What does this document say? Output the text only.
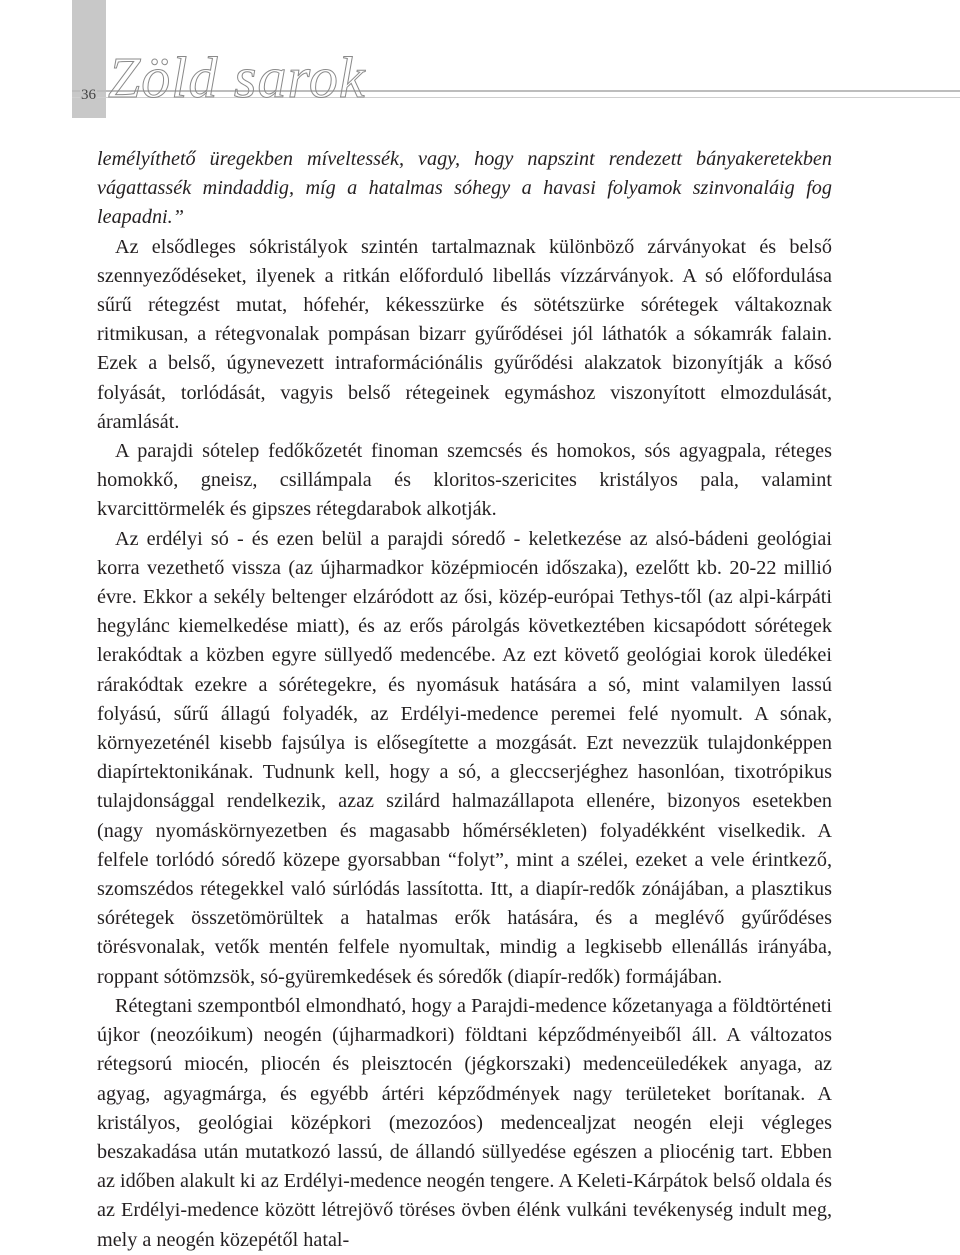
36 Zöld sarok

lemélyíthető üregekben míveltessék, vagy, hogy napszint rendezett bányakeretekben vágattassék mindaddig, míg a hatalmas sóhegy a havasi folyamok szinvonaláig fog leapadni.”

Az elsődleges sókristályok szintén tartalmaznak különböző zárványokat és belső szennyeződéseket, ilyenek a ritkán előforduló libellás vízzárványok. A só előfordulása sűrű rétegzést mutat, hófehér, kékesszürke és sötétszürke sórétegek váltakoznak ritmikusan, a rétegvonalak pompásan bizarr gyűrődései jól láthatók a sókamrák falain. Ezek a belső, úgynevezett intraformációnális gyűrődési alakzatok bizonyítják a kősó folyását, torlódását, vagyis belső rétegeinek egymáshoz viszonyított elmozdulását, áramlását.

A parajdi sótelep fedőkőzetét finoman szemcsés és homokos, sós agyagpala, réteges homokkő, gneisz, csillámpala és kloritos-szericites kristályos pala, valamint kvarcittörmelék és gipszes rétegdarabok alkotják.

Az erdélyi só - és ezen belül a parajdi sóredő - keletkezése az alsó-bádeni geológiai korra vezethető vissza (az újharmadkor középmiocén időszaka), ezelőtt kb. 20-22 millió évre. Ekkor a sekély beltenger elzáródott az ősi, közép-európai Tethys-től (az alpi-kárpáti hegylánc kiemelkedése miatt), és az erős párolgás következtében kicsapódott sórétegek lerakódtak a közben egyre süllyedő medencébe. Az ezt követő geológiai korok üledékei rárakódtak ezekre a sórétegekre, és nyomásuk hatására a só, mint valamilyen lassú folyású, sűrű állagú folyadék, az Erdélyi-medence peremei felé nyomult. A sónak, környezeténél kisebb fajsúlya is elősegítette a mozgását. Ezt nevezzük tulajdonképpen diapírtektonikának. Tudnunk kell, hogy a só, a gleccserjéghez hasonlóan, tixotrópikus tulajdonsággal rendelkezik, azaz szilárd halmazállapota ellenére, bizonyos esetekben (nagy nyomáskörnyezetben és magasabb hőmérsékleten) folyadékként viselkedik. A felfele torlódó sóredő közepe gyorsabban “folyt”, mint a szélei, ezeket a vele érintkező, szomszédos rétegekkel való súrlódás lassította. Itt, a diapír-redők zónájában, a plasztikus sórétegek összetömörültek a hatalmas erők hatására, és a meglévő gyűrődéses törésvonalak, vetők mentén felfele nyomultak, mindig a legkisebb ellenállás irányába, roppant sótömzsök, só-gyüremkedések és sóredők (diapír-redők) formájában.

Rétegtani szempontból elmondható, hogy a Parajdi-medence kőzetanyaga a földtörténeti újkor (neozóikum) neogén (újharmadkori) földtani képződményeiből áll. A változatos rétegsorú miocén, pliocén és pleisztocén (jégkorszaki) medenceüledékek anyaga, az agyag, agyagmárga, és egyébb ártéri képződmények nagy területeket borítanak. A kristályos, geológiai középkori (mezozóos) medencealjzat neogén eleji végleges beszakadása után mutatkozó lassú, de állandó süllyedése egészen a pliocénig tart. Ebben az időben alakult ki az Erdélyi-medence neogén tengere. A Keleti-Kárpátok belső oldala és az Erdélyi-medence között létrejövő töréses övben élénk vulkáni tevékenység indult meg, mely a neogén közepétől hatal-
